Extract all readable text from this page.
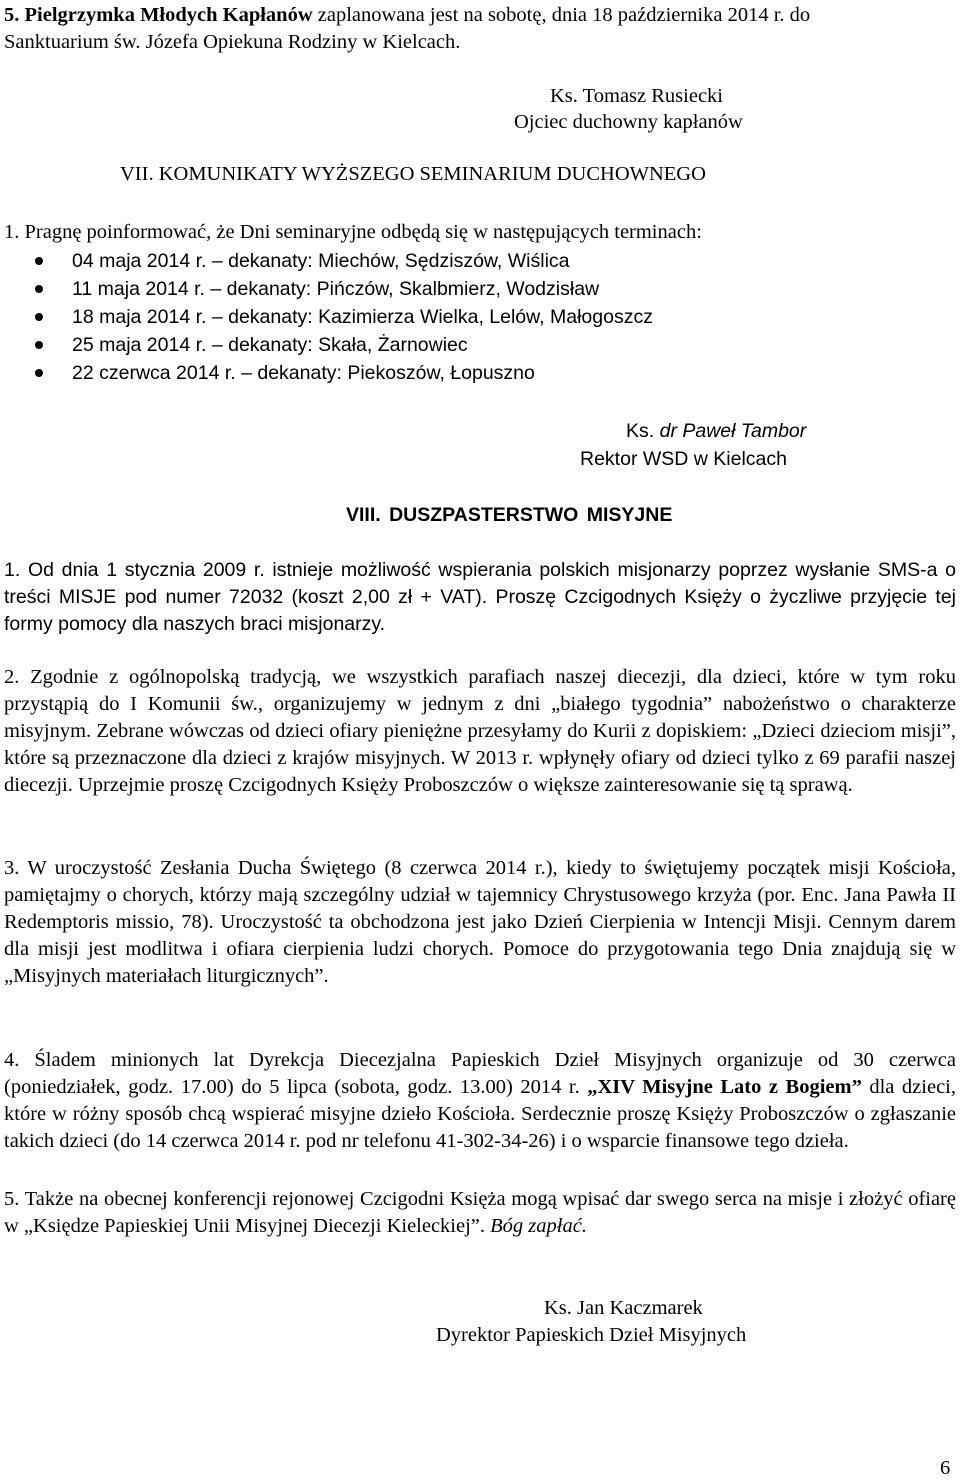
5. Pielgrzymka Młodych Kapłanów zaplanowana jest na sobotę, dnia 18 października 2014 r. do

Sanktuarium św. Józefa Opiekuna Rodziny w Kielcach.

Ks. Tomasz Rusiecki

Ojciec duchowny kapłanów

VII. KOMUNIKATY WYŻSZEGO SEMINARIUM DUCHOWNEGO

1. Pragnę poinformować, że Dni seminaryjne odbędą się w następujących terminach:

04 maja 2014 r. – dekanaty: Miechów, Sędziszów, Wiślica
11 maja 2014 r. – dekanaty: Pińczów, Skalbmierz, Wodzisław
18 maja 2014 r. – dekanaty: Kazimierza Wielka, Lelów, Małogoszcz
25 maja 2014 r. – dekanaty: Skała, Żarnowiec
22 czerwca 2014 r. – dekanaty: Piekoszów, Łopuszno

Ks. dr Paweł Tambor

Rektor WSD w Kielcach

VIII. DUSZPASTERSTWO MISYJNE

1. Od dnia 1 stycznia 2009 r. istnieje możliwość wspierania polskich misjonarzy poprzez wysłanie SMS-a o treści MISJE pod numer 72032 (koszt 2,00 zł + VAT). Proszę Czcigodnych Księży o życzliwe przyjęcie tej formy pomocy dla naszych braci misjonarzy.

2. Zgodnie z ogólnopolską tradycją, we wszystkich parafiach naszej diecezji, dla dzieci, które w tym roku przystąpią do I Komunii św., organizujemy w jednym z dni „białego tygodnia” nabożeństwo o charakterze misyjnym. Zebrane wówczas od dzieci ofiary pieniężne przesyłamy do Kurii z dopiskiem: „Dzieci dzieciom misji”, które są przeznaczone dla dzieci z krajów misyjnych. W 2013 r. wpłynęły ofiary od dzieci tylko z 69 parafii naszej diecezji. Uprzejmie proszę Czcigodnych Księży Proboszczów o większe zainteresowanie się tą sprawą.

3. W uroczystość Zesłania Ducha Świętego (8 czerwca 2014 r.), kiedy to świętujemy początek misji Kościoła, pamiętajmy o chorych, którzy mają szczególny udział w tajemnicy Chrystusowego krzyża (por. Enc. Jana Pawła II Redemptoris missio, 78). Uroczystość ta obchodzona jest jako Dzień Cierpienia w Intencji Misji. Cennym darem dla misji jest modlitwa i ofiara cierpienia ludzi chorych. Pomoce do przygotowania tego Dnia znajdują się w „Misyjnych materiałach liturgicznych”.

4. Śladem minionych lat Dyrekcja Diecezjalna Papieskich Dzieł Misyjnych organizuje od 30 czerwca (poniedziałek, godz. 17.00) do 5 lipca (sobota, godz. 13.00) 2014 r. „XIV Misyjne Lato z Bogiem” dla dzieci, które w różny sposób chcą wspierać misyjne dzieło Kościoła. Serdecznie proszę Księży Proboszczów o zgłaszanie takich dzieci (do 14 czerwca 2014 r. pod nr telefonu 41-302-34-26) i o wsparcie finansowe tego dzieła.

5. Także na obecnej konferencji rejonowej Czcigodni Księża mogą wpisać dar swego serca na misje i złożyć ofiarę w „Księdze Papieskiej Unii Misyjnej Diecezji Kieleckiej”. Bóg zapłać.

Ks. Jan Kaczmarek

Dyrektor Papieskich Dzieł Misyjnych

6
